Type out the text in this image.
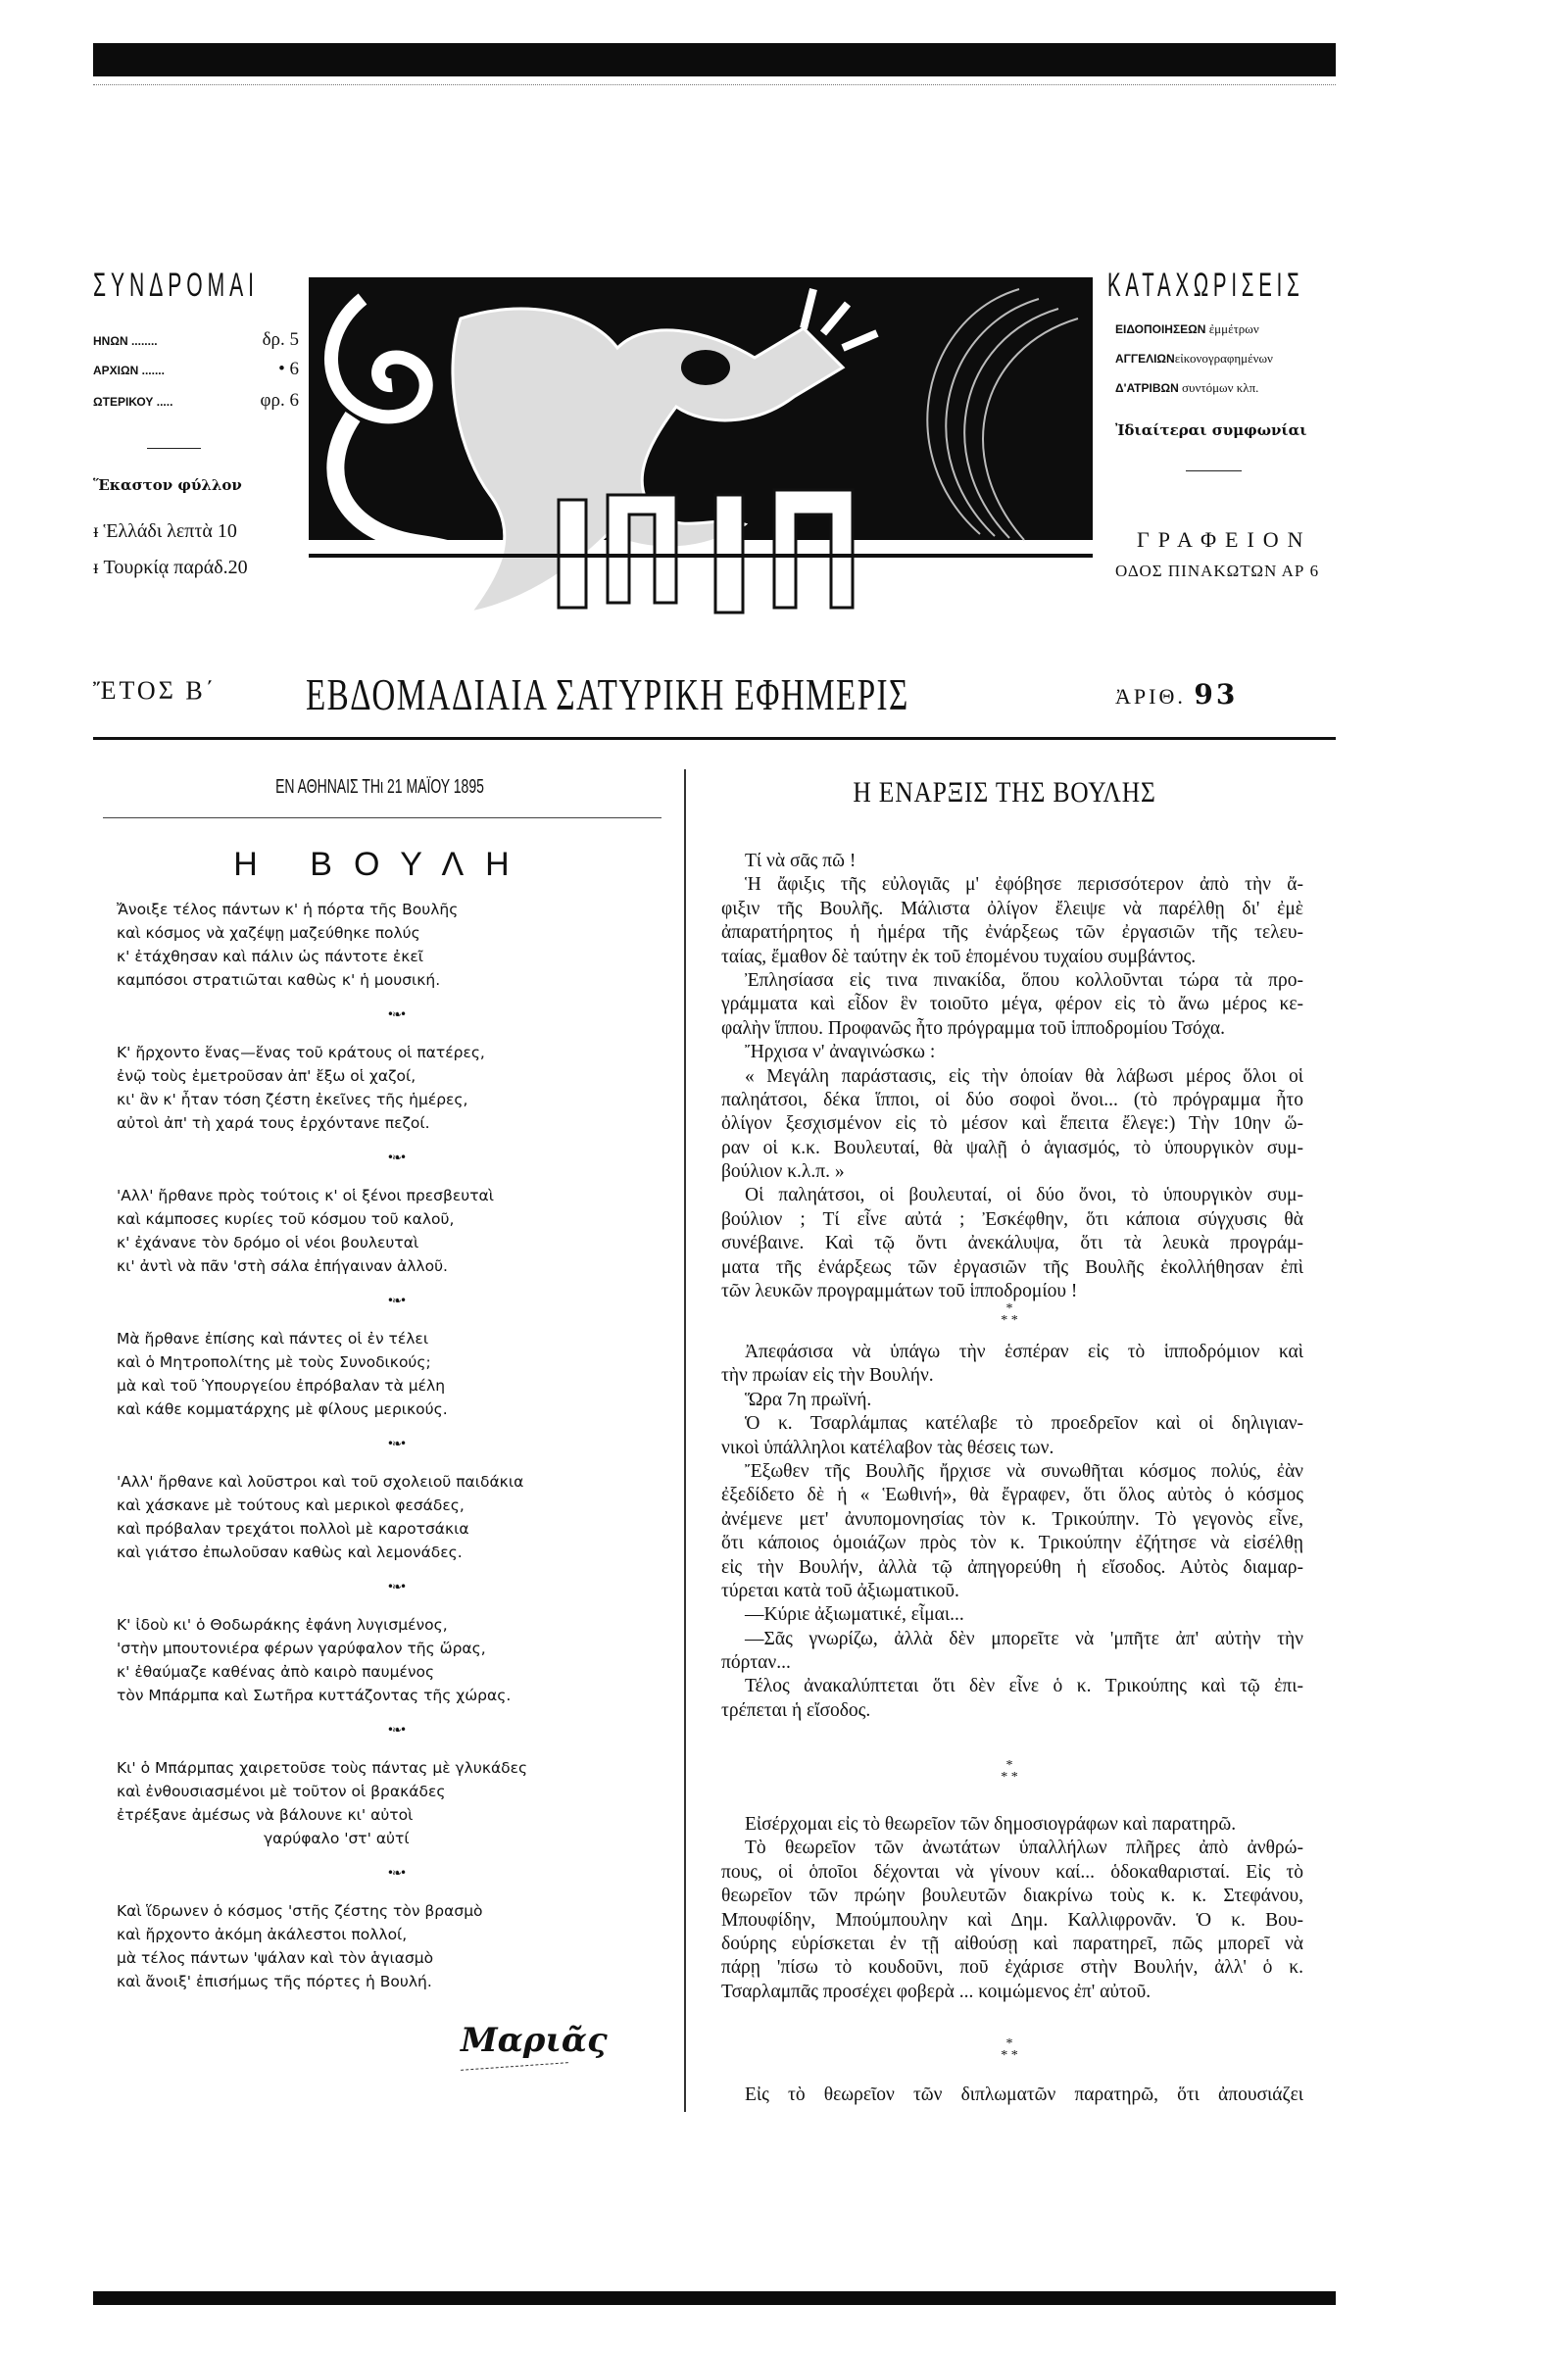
ΣΥΝΔΡΟΜΑΙ
ΗΝΩΝ ........	δρ. 5
ΑΡΧΙΩΝ .......	• 6
ΩΤΕΡΙΚΟΥ .....	φρ. 6
Ἕκαστον φύλλον
ᵻ Ἑλλάδι λεπτὰ 10
ᵻ Τουρκίᾳ παράδ.20
ΚΑΤΑΧΩΡΙΣΕΙΣ
ΕΙΔΟΠΟΙΗΣΕΩΝ ἐμμέτρων
ΑΓΓΕΛΙΩΝεἰκονογραφημένων
Δ'ΑΤΡΙΒΩΝ συντόμων κλπ.
Ἰδιαίτεραι συμφωνίαι
ΓΡΑΦΕΙΟΝ
ΟΔΟΣ ΠΙΝΑΚΩΤΩΝ ΑΡ 6
ἜΤΟΣ Β΄ ΕΒΔΟΜΑΔΙΑΙΑ ΣΑΤΥΡΙΚΗ ΕΦΗΜΕΡΙΣ	ἈΡΙΘ. 93
ΕΝ ΑΘΗΝΑΙΣ ΤΗι 21 ΜΑΪΟΥ 1895
Η ΒΟΥΛΗ
Ἄνοιξε τέλος πάντων κ' ἡ πόρτα τῆς Βουλῆς
καὶ κόσμος νὰ χαζέψῃ μαζεύθηκε πολύς
κ' ἐτάχθησαν καὶ πάλιν ὡς πάντοτε ἐκεῖ
καμπόσοι στρατιῶται καθὼς κ' ἡ μουσική.
•❧•
Κ' ἤρχοντο ἕνας—ἕνας τοῦ κράτους οἱ πατέρες,
ἐνῷ τοὺς ἐμετροῦσαν ἀπ' ἔξω οἱ χαζοί,
κι' ἂν κ' ἦταν τόση ζέστη ἐκεῖνες τῆς ἡμέρες,
αὐτοὶ ἀπ' τὴ χαρά τους ἐρχόντανε πεζοί.
•❧•
'Αλλ' ἤρθανε πρὸς τούτοις κ' οἱ ξένοι πρεσβευταὶ
καὶ κάμποσες κυρίες τοῦ κόσμου τοῦ καλοῦ,
κ' ἐχάνανε τὸν δρόμο οἱ νέοι βουλευταὶ
κι' ἀντὶ νὰ πᾶν 'στὴ σάλα ἐπήγαιναν ἀλλοῦ.
•❧•
Μὰ ἤρθανε ἐπίσης καὶ πάντες οἱ ἐν τέλει
καὶ ὁ Μητροπολίτης μὲ τοὺς Συνοδικούς;
μὰ καὶ τοῦ Ὑπουργείου ἐπρόβαλαν τὰ μέλη
καὶ κάθε κομματάρχης μὲ φίλους μερικούς.
•❧•
'Αλλ' ἤρθανε καὶ λοῦστροι καὶ τοῦ σχολειοῦ παιδάκια
καὶ χάσκανε μὲ τούτους καὶ μερικοὶ φεσάδες,
καὶ πρόβαλαν τρεχάτοι πολλοὶ μὲ καροτσάκια
καὶ γιάτσο ἐπωλοῦσαν καθὼς καὶ λεμονάδες.
•❧•
Κ' ἰδοὺ κι' ὁ Θοδωράκης ἐφάνη λυγισμένος,
'στὴν μπουτονιέρα φέρων γαρύφαλον τῆς ὥρας,
κ' ἐθαύμαζε καθένας ἀπὸ καιρὸ παυμένος
τὸν Μπάρμπα καὶ Σωτῆρα κυττάζοντας τῆς χώρας.
•❧•
Κι' ὁ Μπάρμπας χαιρετοῦσε τοὺς πάντας μὲ γλυκάδες
καὶ ἐνθουσιασμένοι μὲ τοῦτον οἱ βρακάδες
ἐτρέξανε ἀμέσως νὰ βάλουνε κι' αὐτοὶ
γαρύφαλο 'στ' αὐτί
•❧•
Καὶ ἵδρωνεν ὁ κόσμος 'στῆς ζέστης τὸν βρασμὸ
καὶ ἤρχοντο ἀκόμη ἀκάλεστοι πολλοί,
μὰ τέλος πάντων 'ψάλαν καὶ τὸν ἁγιασμὸ
καὶ ἄνοιξ' ἐπισήμως τῆς πόρτες ἡ Βουλή.
Μαριᾶς
Η ΕΝΑΡΞΙΣ ΤΗΣ ΒΟΥΛΗΣ
Τί νὰ σᾶς πῶ !
Ἡ ἄφιξις τῆς εὐλογιᾶς μ' ἐφόβησε περισσότερον ἀπὸ τὴν ἄ-
φιξιν τῆς Βουλῆς. Μάλιστα ὀλίγον ἔλειψε νὰ παρέλθῃ δι' ἐμὲ
ἀπαρατήρητος ἡ ἡμέρα τῆς ἐνάρξεως τῶν ἐργασιῶν τῆς τελευ-
ταίας, ἔμαθον δὲ ταύτην ἐκ τοῦ ἑπομένου τυχαίου συμβάντος.
Ἐπλησίασα εἰς τινα πινακίδα, ὅπου κολλοῦνται τώρα τὰ προ-
γράμματα καὶ εἶδον ἓν τοιοῦτο μέγα, φέρον εἰς τὸ ἄνω μέρος κε-
φαλὴν ἵππου. Προφανῶς ἦτο πρόγραμμα τοῦ ἱπποδρομίου Τσόχα.
Ἤρχισα ν' ἀναγινώσκω :
« Μεγάλη παράστασις, εἰς τὴν ὁποίαν θὰ λάβωσι μέρος ὅλοι οἱ
παληάτσοι, δέκα ἵπποι, οἱ δύο σοφοὶ ὄνοι... (τὸ πρόγραμμα ἦτο
ὀλίγον ξεσχισμένον εἰς τὸ μέσον καὶ ἔπειτα ἔλεγε:) Τὴν 10ην ὥ-
ραν οἱ κ.κ. Βουλευταί, θὰ ψαλῇ ὁ ἁγιασμός, τὸ ὑπουργικὸν συμ-
βούλιον κ.λ.π. »
Οἱ παληάτσοι, οἱ βουλευταί, οἱ δύο ὄνοι, τὸ ὑπουργικὸν συμ-
βούλιον ; Τί εἶνε αὐτά ; Ἐσκέφθην, ὅτι κάποια σύγχυσις θὰ
συνέβαινε. Καὶ τῷ ὄντι ἀνεκάλυψα, ὅτι τὰ λευκὰ προγράμ-
ματα τῆς ἐνάρξεως τῶν ἐργασιῶν τῆς Βουλῆς ἐκολλήθησαν ἐπὶ
τῶν λευκῶν προγραμμάτων τοῦ ἱπποδρομίου !
* * *
Ἀπεφάσισα νὰ ὑπάγω τὴν ἑσπέραν εἰς τὸ ἱπποδρόμιον καὶ
τὴν πρωίαν εἰς τὴν Βουλήν.
Ὥρα 7η πρωϊνή.
Ὁ κ. Τσαρλάμπας κατέλαβε τὸ προεδρεῖον καὶ οἱ δηλιγιαν-
νικοὶ ὑπάλληλοι κατέλαβον τὰς θέσεις των.
Ἔξωθεν τῆς Βουλῆς ἤρχισε νὰ συνωθῆται κόσμος πολύς, ἐὰν
ἐξεδίδετο δὲ ἡ « Ἑωθινή», θὰ ἔγραφεν, ὅτι ὅλος αὐτὸς ὁ κόσμος
ἀνέμενε μετ' ἀνυπομονησίας τὸν κ. Τρικούπην. Τὸ γεγονὸς εἶνε,
ὅτι κάποιος ὁμοιάζων πρὸς τὸν κ. Τρικούπην ἐζήτησε νὰ εἰσέλθῃ
εἰς τὴν Βουλήν, ἀλλὰ τῷ ἀπηγορεύθη ἡ εἴσοδος. Αὐτὸς διαμαρ-
τύρεται κατὰ τοῦ ἀξιωματικοῦ.
—Κύριε ἀξιωματικέ, εἶμαι...
—Σᾶς γνωρίζω, ἀλλὰ δὲν μπορεῖτε νὰ 'μπῆτε ἀπ' αὐτὴν τὴν
πόρταν...
Τέλος ἀνακαλύπτεται ὅτι δὲν εἶνε ὁ κ. Τρικούπης καὶ τῷ ἐπι-
τρέπεται ἡ εἴσοδος.
* * *
Εἰσέρχομαι εἰς τὸ θεωρεῖον τῶν δημοσιογράφων καὶ παρατηρῶ.
Τὸ θεωρεῖον τῶν ἀνωτάτων ὑπαλλήλων πλῆρες ἀπὸ ἀνθρώ-
πους, οἱ ὁποῖοι δέχονται νὰ γίνουν καί... ὁδοκαθαρισταί. Εἰς τὸ
θεωρεῖον τῶν πρώην βουλευτῶν διακρίνω τοὺς κ. κ. Στεφάνου,
Μπουφίδην, Μπούμπουλην καὶ Δημ. Καλλιφρονᾶν. Ὁ κ. Βου-
δούρης εὑρίσκεται ἐν τῇ αἰθούσῃ καὶ παρατηρεῖ, πῶς μπορεῖ νὰ
πάρῃ 'πίσω τὸ κουδοῦνι, ποῦ ἐχάρισε στὴν Βουλήν, ἀλλ' ὁ κ.
Τσαρλαμπᾶς προσέχει φοβερὰ ... κοιμώμενος ἐπ' αὐτοῦ.
* * *
Εἰς τὸ θεωρεῖον τῶν διπλωματῶν παρατηρῶ, ὅτι ἀπουσιάζει
